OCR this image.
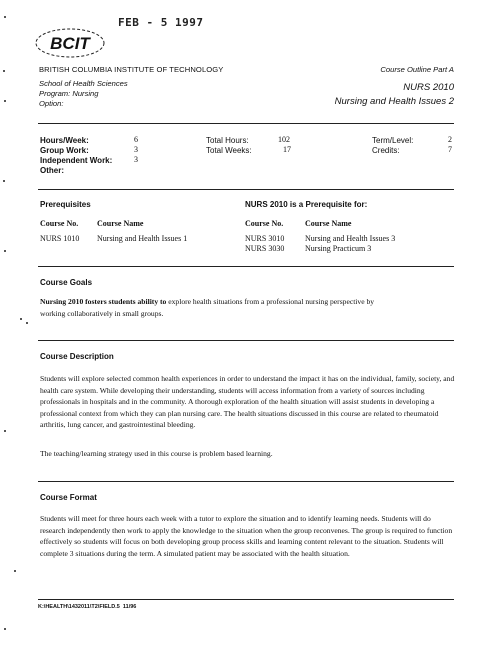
FEB - 5 1997
BCIT
BRITISH COLUMBIA INSTITUTE OF TECHNOLOGY	Course Outline Part A
School of Health Sciences
Program: Nursing
Option:
NURS 2010
Nursing and Health Issues 2
Hours/Week:	6
Group Work:	3
Independent Work:	3
Other:
Total Hours:	102
Total Weeks:	17
Term/Level:	2
Credits:	7
Prerequisites	NURS 2010 is a Prerequisite for:
Course No. Course Name	Course No.	Course Name
NURS 1010 Nursing and Health Issues 1	NURS 3010	Nursing and Health Issues 3
NURS 3030	Nursing Practicum 3
Course Goals
Nursing 2010 fosters students ability to explore health situations from a professional nursing perspective by
working collaboratively in small groups.
Course Description
Students will explore selected common health experiences in order to understand the impact it has on the individual, family, society, and health care system. While developing their understanding, students will access information from a variety of sources including professionals in hospitals and in the community. A thorough exploration of the health situation will assist students in developing a professional context from which they can plan nursing care. The health situations discussed in this course are related to rheumatoid arthritis, lung cancer, and gastrointestinal bleeding.
The teaching/learning strategy used in this course is problem based learning.
Course Format
Students will meet for three hours each week with a tutor to explore the situation and to identify learning needs. Students will do research independently then work to apply the knowledge to the situation when the group reconvenes. The group is required to function effectively so students will focus on both developing group process skills and learning content relevant to the situation. Students will complete 3 situations during the term. A simulated patient may be associated with the health situation.
K:\HEALTH\1432011\T2\FIELD.5 11/96
